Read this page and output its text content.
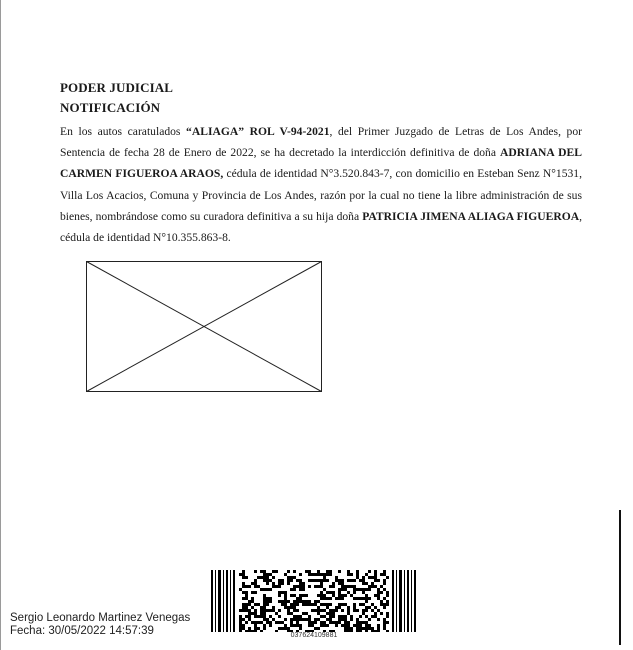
PODER JUDICIAL
NOTIFICACIÓN
En los autos caratulados “ALIAGA” ROL V-94-2021, del Primer Juzgado de Letras de Los Andes, por Sentencia de fecha 28 de Enero de 2022, se ha decretado la interdicción definitiva de doña ADRIANA DEL CARMEN FIGUEROA ARAOS, cédula de identidad N°3.520.843-7, con domicilio en Esteban Senz N°1531, Villa Los Acacios, Comuna y Provincia de Los Andes, razón por la cual no tiene la libre administración de sus bienes, nombrándose como su curadora definitiva a su hija doña PATRICIA JIMENA ALIAGA FIGUEROA, cédula de identidad N°10.355.863-8.
Sergio Leonardo Martinez Venegas
Fecha: 30/05/2022 14:57:39	037624109881
